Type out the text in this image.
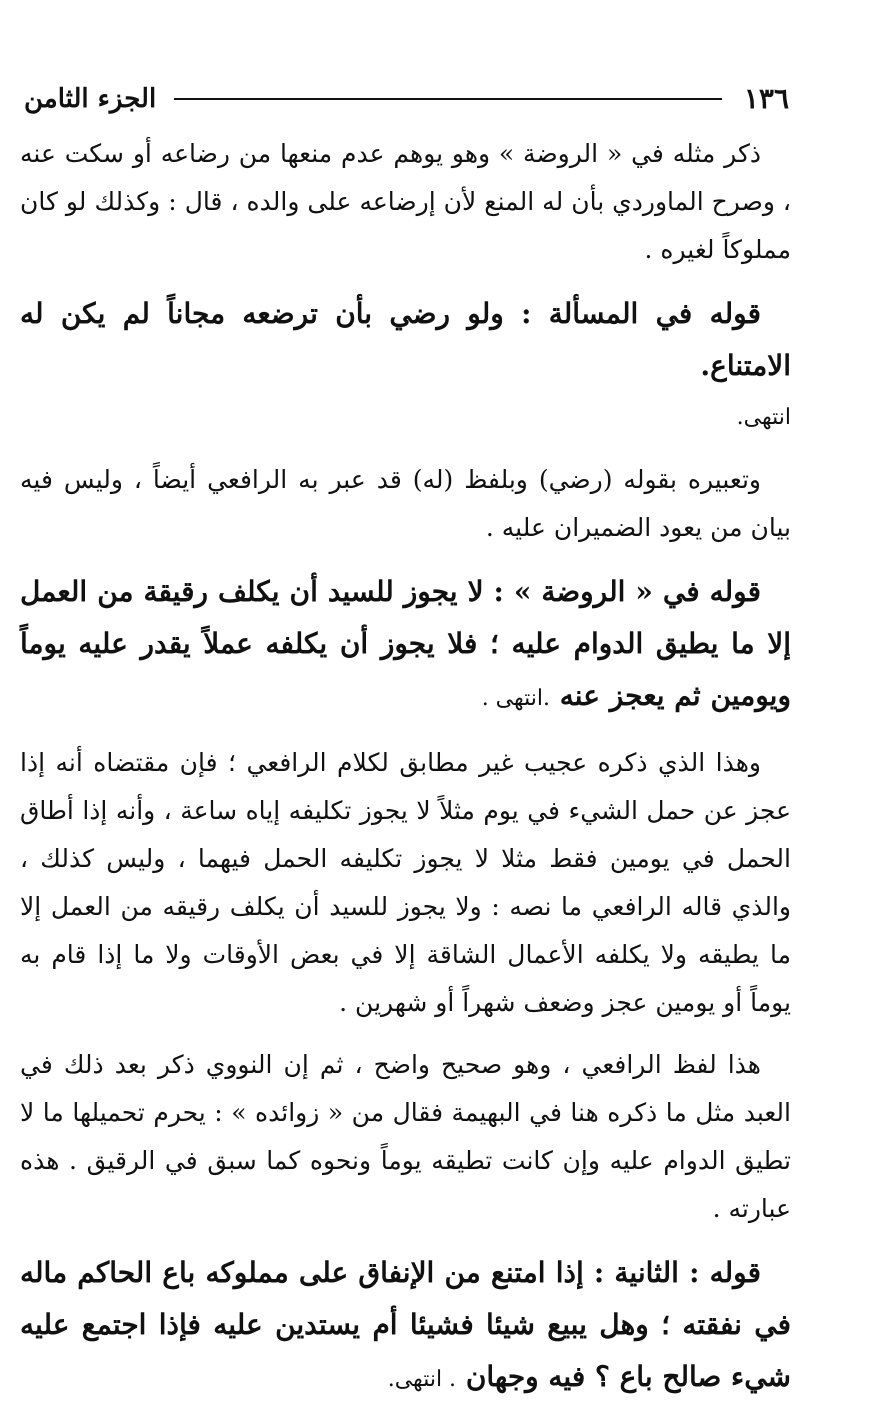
١٣٦
الجزء الثامن

ذكر مثله في « الروضة » وهو يوهم عدم منعها من رضاعه أو سكت عنه ، وصرح الماوردي بأن له المنع لأن إرضاعه على والده ، قال : وكذلك لو كان مملوكاً لغيره .

قوله في المسألة : ولو رضي بأن ترضعه مجاناً لم يكن له الامتناع.

انتهى.

وتعبيره بقوله (رضي) وبلفظ (له) قد عبر به الرافعي أيضاً ، وليس فيه بيان من يعود الضميران عليه .

قوله في « الروضة » : لا يجوز للسيد أن يكلف رقيقة من العمل إلا ما يطيق الدوام عليه ؛ فلا يجوز أن يكلفه عملاً يقدر عليه يوماً ويومين ثم يعجز عنه .انتهى .

وهذا الذي ذكره عجيب غير مطابق لكلام الرافعي ؛ فإن مقتضاه أنه إذا عجز عن حمل الشيء في يوم مثلاً لا يجوز تكليفه إياه ساعة ، وأنه إذا أطاق الحمل في يومين فقط مثلا لا يجوز تكليفه الحمل فيهما ، وليس كذلك ، والذي قاله الرافعي ما نصه : ولا يجوز للسيد أن يكلف رقيقه من العمل إلا ما يطيقه ولا يكلفه الأعمال الشاقة إلا في بعض الأوقات ولا ما إذا قام به يوماً أو يومين عجز وضعف شهراً أو شهرين .

هذا لفظ الرافعي ، وهو صحيح واضح ، ثم إن النووي ذكر بعد ذلك في العبد مثل ما ذكره هنا في البهيمة فقال من « زوائده » : يحرم تحميلها ما لا تطيق الدوام عليه وإن كانت تطيقه يوماً ونحوه كما سبق في الرقيق . هذه عبارته .

قوله : الثانية : إذا امتنع من الإنفاق على مملوكه باع الحاكم ماله في نفقته ؛ وهل يبيع شيئا فشيئا أم يستدين عليه فإذا اجتمع عليه شيء صالح باع ؟ فيه وجهان . انتهى.
